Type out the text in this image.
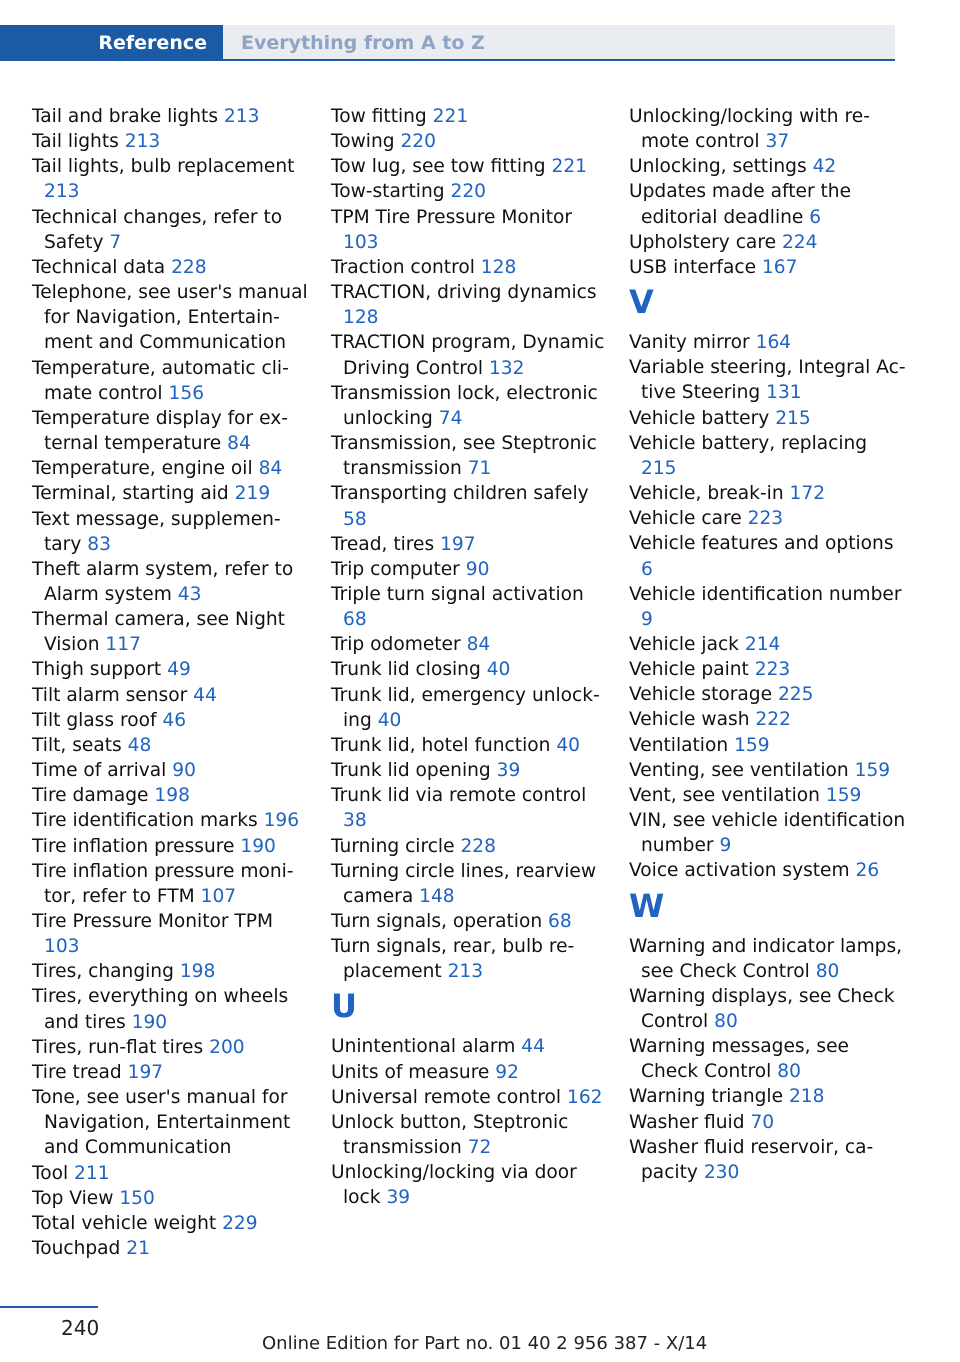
Reference	Everything from A to Z

Tail and brake lights 213

Tail lights 213

Tail lights, bulb replacement 213

Technical changes, refer to Safety 7

Technical data 228

Telephone, see user's manual for Navigation, Entertainment and Communication

Temperature, automatic climate control 156

Temperature display for external temperature 84

Temperature, engine oil 84

Terminal, starting aid 219

Text message, supplementary 83

Theft alarm system, refer to Alarm system 43

Thermal camera, see Night Vision 117

Thigh support 49

Tilt alarm sensor 44

Tilt glass roof 46

Tilt, seats 48

Time of arrival 90

Tire damage 198

Tire identification marks 196

Tire inflation pressure 190

Tire inflation pressure monitor, refer to FTM 107

Tire Pressure Monitor TPM 103

Tires, changing 198

Tires, everything on wheels and tires 190

Tires, run-flat tires 200

Tire tread 197

Tone, see user's manual for Navigation, Entertainment and Communication

Tool 211

Top View 150

Total vehicle weight 229

Touchpad 21

Tow fitting 221

Towing 220

Tow lug, see tow fitting 221

Tow-starting 220

TPM Tire Pressure Monitor 103

Traction control 128

TRACTION, driving dynamics 128

TRACTION program, Dynamic Driving Control 132

Transmission lock, electronic unlocking 74

Transmission, see Steptronic transmission 71

Transporting children safely 58

Tread, tires 197

Trip computer 90

Triple turn signal activation 68

Trip odometer 84

Trunk lid closing 40

Trunk lid, emergency unlocking 40

Trunk lid, hotel function 40

Trunk lid opening 39

Trunk lid via remote control 38

Turning circle 228

Turning circle lines, rearview camera 148

Turn signals, operation 68

Turn signals, rear, bulb replacement 213

U

Unintentional alarm 44

Units of measure 92

Universal remote control 162

Unlock button, Steptronic transmission 72

Unlocking/locking via door lock 39

Unlocking/locking with remote control 37

Unlocking, settings 42

Updates made after the editorial deadline 6

Upholstery care 224

USB interface 167

V

Vanity mirror 164

Variable steering, Integral Active Steering 131

Vehicle battery 215

Vehicle battery, replacing 215

Vehicle, break-in 172

Vehicle care 223

Vehicle features and options 6

Vehicle identification number 9

Vehicle jack 214

Vehicle paint 223

Vehicle storage 225

Vehicle wash 222

Ventilation 159

Venting, see ventilation 159

Vent, see ventilation 159

VIN, see vehicle identification number 9

Voice activation system 26

W

Warning and indicator lamps, see Check Control 80

Warning displays, see Check Control 80

Warning messages, see Check Control 80

Warning triangle 218

Washer fluid 70

Washer fluid reservoir, capacity 230

240
Online Edition for Part no. 01 40 2 956 387 - X/14
